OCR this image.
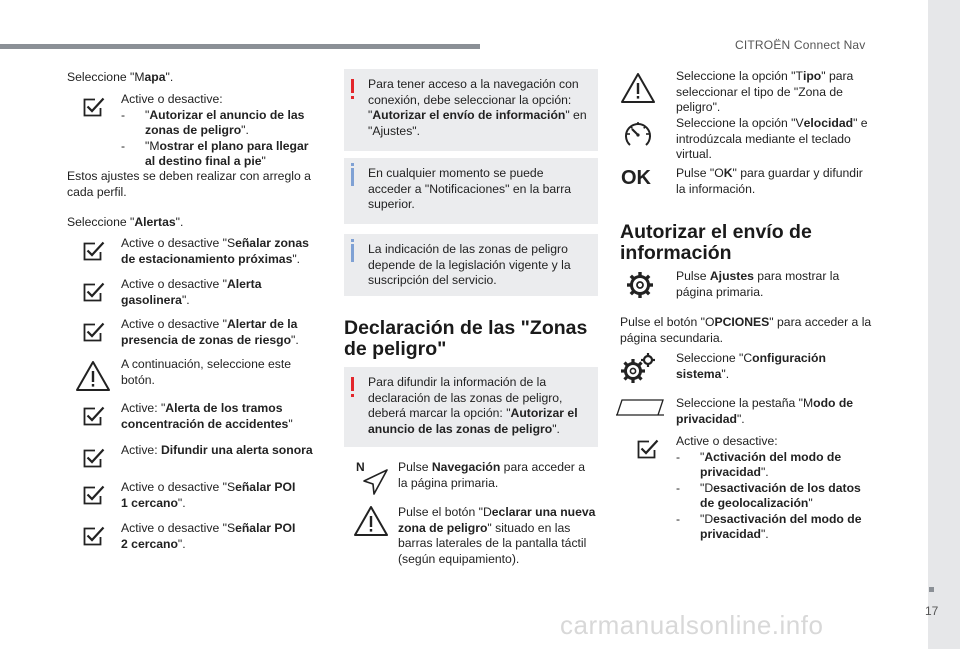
CITROËN Connect Nav
17
carmanualsonline.info
Seleccione "Mapa".
Active o desactive:
- "Autorizar el anuncio de las zonas de peligro".
- "Mostrar el plano para llegar al destino final a pie"
Estos ajustes se deben realizar con arreglo a cada perfil.
Seleccione "Alertas".
Active o desactive "Señalar zonas de estacionamiento próximas".
Active o desactive "Alerta gasolinera".
Active o desactive "Alertar de la presencia de zonas de riesgo".
A continuación, seleccione este botón.
Active: "Alerta de los tramos concentración de accidentes"
Active: Difundir una alerta sonora
Active o desactive "Señalar POI 1 cercano".
Active o desactive "Señalar POI 2 cercano".
Para tener acceso a la navegación con conexión, debe seleccionar la opción: "Autorizar el envío de información" en "Ajustes".
En cualquier momento se puede acceder a "Notificaciones" en la barra superior.
La indicación de las zonas de peligro depende de la legislación vigente y la suscripción del servicio.
Declaración de las "Zonas
de peligro"
Para difundir la información de la declaración de las zonas de peligro, deberá marcar la opción: "Autorizar el anuncio de las zonas de peligro".
N	Pulse Navegación para acceder a la página primaria.
Pulse el botón "Declarar una nueva zona de peligro" situado en las barras laterales de la pantalla táctil (según equipamiento).
Seleccione la opción "Tipo" para seleccionar el tipo de "Zona de peligro".
Seleccione la opción "Velocidad" e introdúzcala mediante el teclado virtual.
OK Pulse "OK" para guardar y difundir la información.
Autorizar el envío de
información
Pulse Ajustes para mostrar la página primaria.
Pulse el botón "OPCIONES" para acceder a la página secundaria.
Seleccione "Configuración sistema".
Seleccione la pestaña "Modo de privacidad".
Active o desactive:
- "Activación del modo de privacidad".
- "Desactivación de los datos de geolocalización"
- "Desactivación del modo de privacidad".
